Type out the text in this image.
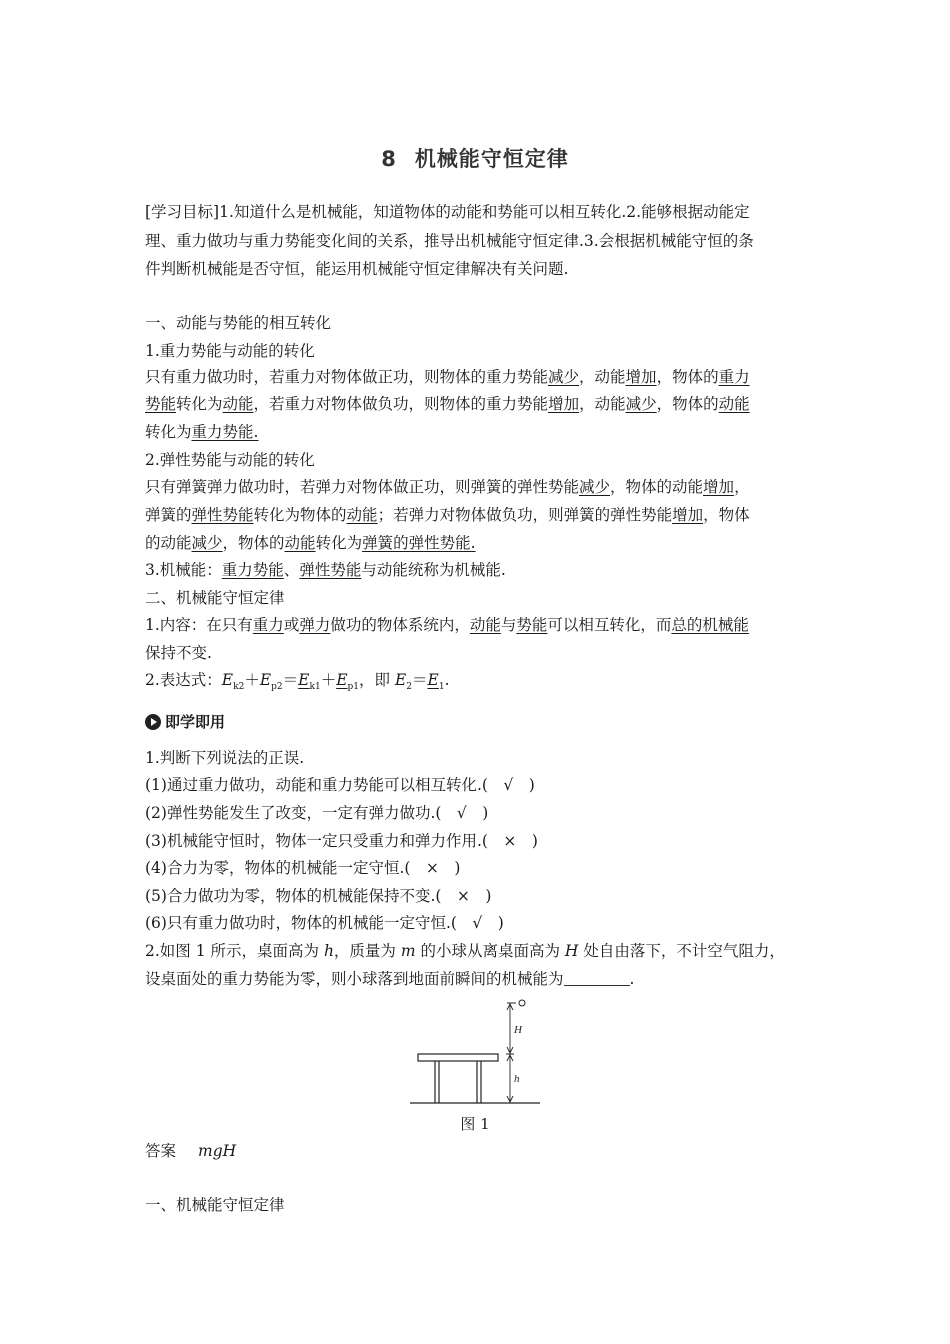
8 机械能守恒定律
[学习目标]1.知道什么是机械能，知道物体的动能和势能可以相互转化.2.能够根据动能定
理、重力做功与重力势能变化间的关系，推导出机械能守恒定律.3.会根据机械能守恒的条
件判断机械能是否守恒，能运用机械能守恒定律解决有关问题.
一、动能与势能的相互转化
1.重力势能与动能的转化
只有重力做功时，若重力对物体做正功，则物体的重力势能减少，动能增加，物体的重力
势能转化为动能，若重力对物体做负功，则物体的重力势能增加，动能减少，物体的动能
转化为重力势能.
2.弹性势能与动能的转化
只有弹簧弹力做功时，若弹力对物体做正功，则弹簧的弹性势能减少，物体的动能增加，
弹簧的弹性势能转化为物体的动能；若弹力对物体做负功，则弹簧的弹性势能增加，物体
的动能减少，物体的动能转化为弹簧的弹性势能.
3.机械能：重力势能、弹性势能与动能统称为机械能.
二、机械能守恒定律
1.内容：在只有重力或弹力做功的物体系统内，动能与势能可以相互转化，而总的机械能
保持不变.
2.表达式：$E_{k2}+E_{p2}=E_{k1}+E_{p1}$，即 $E_2=E_1$.
即学即用
1.判断下列说法的正误.
(1)通过重力做功，动能和重力势能可以相互转化.(　√　)
(2)弹性势能发生了改变，一定有弹力做功.(　√　)
(3)机械能守恒时，物体一定只受重力和弹力作用.(　×　)
(4)合力为零，物体的机械能一定守恒.(　×　)
(5)合力做功为零，物体的机械能保持不变.(　×　)
(6)只有重力做功时，物体的机械能一定守恒.(　√　)
2.如图 1 所示，桌面高为 h，质量为 m 的小球从离桌面高为 H 处自由落下，不计空气阻力，
设桌面处的重力势能为零，则小球落到地面前瞬间的机械能为	.
H
h
图 1
答案 mgH
一、机械能守恒定律
